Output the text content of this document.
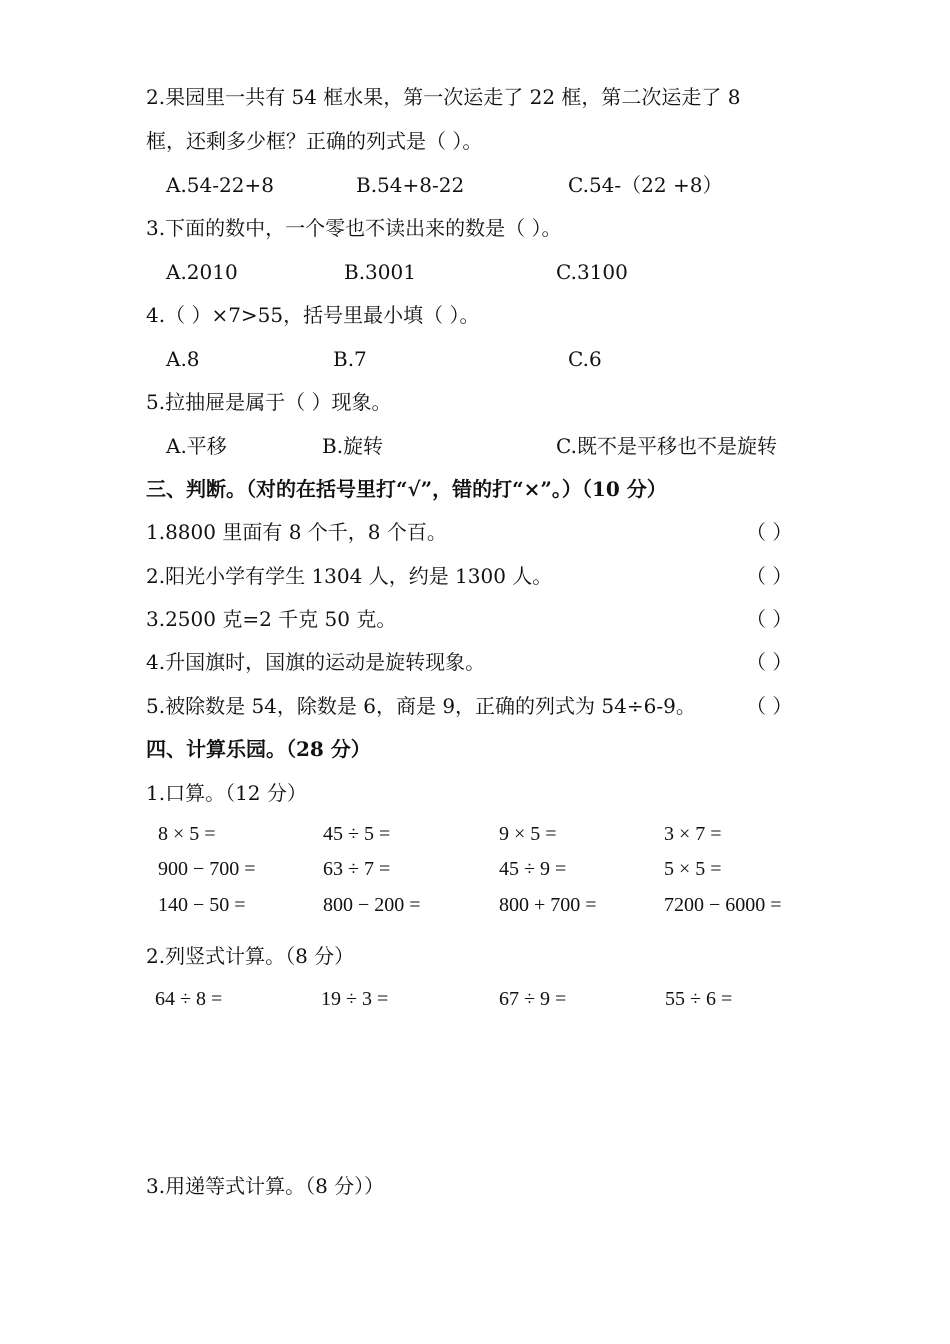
2.果园里一共有 54 框水果，第一次运走了 22 框，第二次运走了 8
框，还剩多少框？正确的列式是（ ）。
A.54-22+8	B.54+8-22	C.54-（22 +8）
3.下面的数中，一个零也不读出来的数是（ ）。
A.2010	B.3001	C.3100
4.（ ）×7>55，括号里最小填（ ）。
A.8	B.7	C.6
5.拉抽屉是属于（ ）现象。
A.平移	B.旋转	C.既不是平移也不是旋转
三、判断。（对的在括号里打“√”，错的打“×”。）（10 分）
1.8800 里面有 8 个千，8 个百。	（ ）
2.阳光小学有学生 1304 人，约是 1300 人。	（ ）
3.2500 克=2 千克 50 克。	（ ）
4.升国旗时，国旗的运动是旋转现象。	（ ）
5.被除数是 54，除数是 6，商是 9，正确的列式为 54÷6-9。	（ ）
四、计算乐园。（28 分）
1.口算。（12 分）
8 × 5 =	45 ÷ 5 =	9 × 5 =	3 × 7 =
900 − 700 =	63 ÷ 7 =	45 ÷ 9 =	5 × 5 =
140 − 50 =	800 − 200 =	800 + 700 =	7200 − 6000 =
2.列竖式计算。（8 分）
64 ÷ 8 =	19 ÷ 3 =	67 ÷ 9 =	55 ÷ 6 =
3.用递等式计算。（8 分））
